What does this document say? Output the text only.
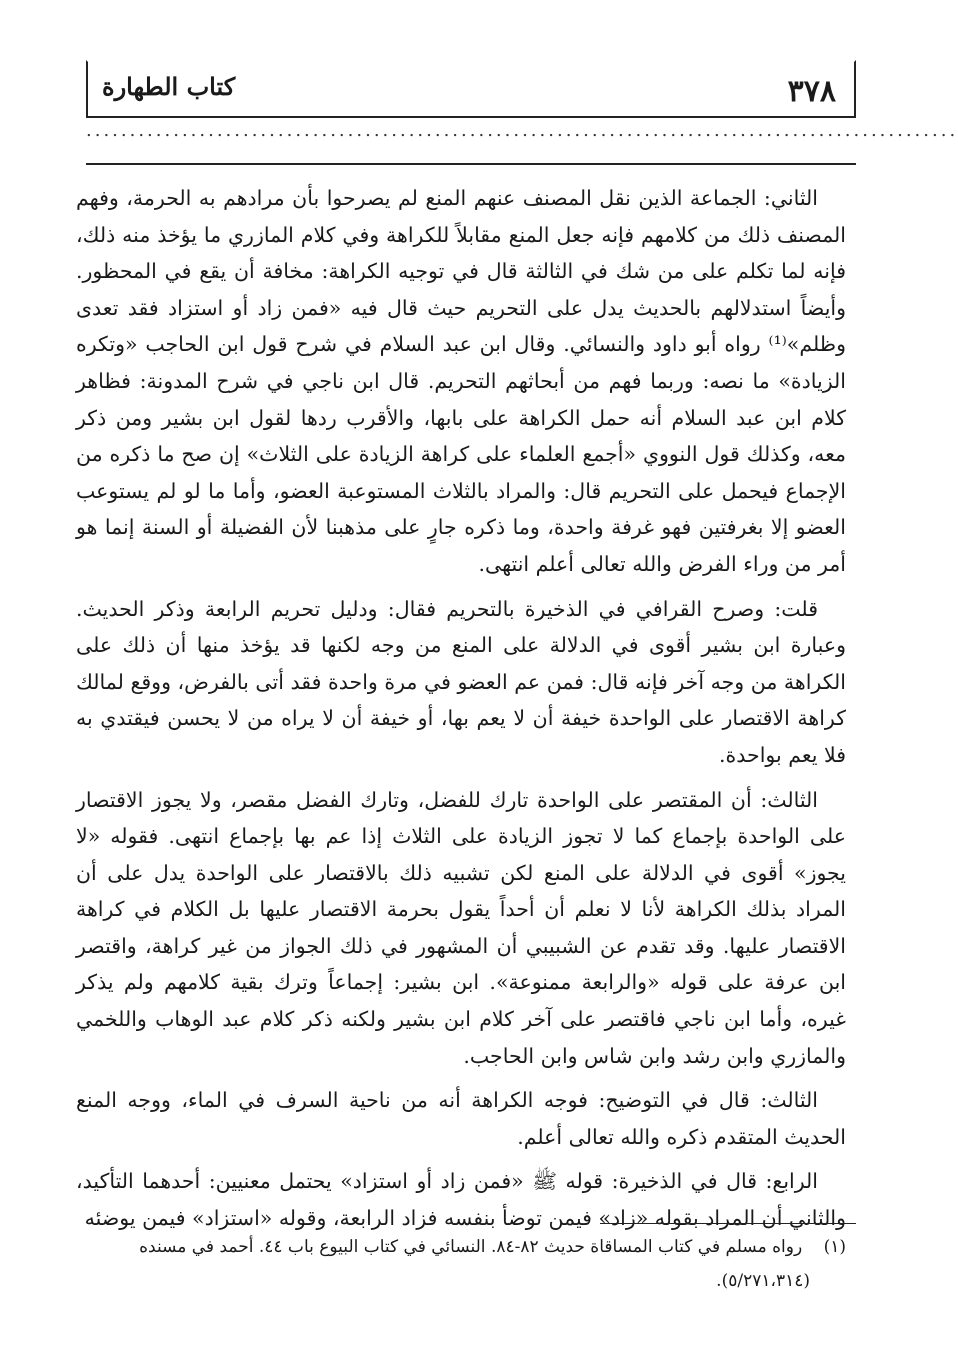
٣٧٨
كتاب الطهارة
....................................................................................................

الثاني: الجماعة الذين نقل المصنف عنهم المنع لم يصرحوا بأن مرادهم به الحرمة، وفهم المصنف ذلك من كلامهم فإنه جعل المنع مقابلاً للكراهة وفي كلام المازري ما يؤخذ منه ذلك، فإنه لما تكلم على من شك في الثالثة قال في توجيه الكراهة: مخافة أن يقع في المحظور. وأيضاً استدلالهم بالحديث يدل على التحريم حيث قال فيه «فمن زاد أو استزاد فقد تعدى وظلم»⁽¹⁾ رواه أبو داود والنسائي. وقال ابن عبد السلام في شرح قول ابن الحاجب «وتكره الزيادة» ما نصه: وربما فهم من أبحاثهم التحريم. قال ابن ناجي في شرح المدونة: فظاهر كلام ابن عبد السلام أنه حمل الكراهة على بابها، والأقرب ردها لقول ابن بشير ومن ذكر معه، وكذلك قول النووي «أجمع العلماء على كراهة الزيادة على الثلاث» إن صح ما ذكره من الإجماع فيحمل على التحريم قال: والمراد بالثلاث المستوعبة العضو، وأما ما لو لم يستوعب العضو إلا بغرفتين فهو غرفة واحدة، وما ذكره جارٍ على مذهبنا لأن الفضيلة أو السنة إنما هو أمر من وراء الفرض والله تعالى أعلم انتهى.

قلت: وصرح القرافي في الذخيرة بالتحريم فقال: ودليل تحريم الرابعة وذكر الحديث. وعبارة ابن بشير أقوى في الدلالة على المنع من وجه لكنها قد يؤخذ منها أن ذلك على الكراهة من وجه آخر فإنه قال: فمن عم العضو في مرة واحدة فقد أتى بالفرض، ووقع لمالك كراهة الاقتصار على الواحدة خيفة أن لا يعم بها، أو خيفة أن لا يراه من لا يحسن فيقتدي به فلا يعم بواحدة.

الثالث: أن المقتصر على الواحدة تارك للفضل، وتارك الفضل مقصر، ولا يجوز الاقتصار على الواحدة بإجماع كما لا تجوز الزيادة على الثلاث إذا عم بها بإجماع انتهى. فقوله «لا يجوز» أقوى في الدلالة على المنع لكن تشبيه ذلك بالاقتصار على الواحدة يدل على أن المراد بذلك الكراهة لأنا لا نعلم أن أحداً يقول بحرمة الاقتصار عليها بل الكلام في كراهة الاقتصار عليها. وقد تقدم عن الشبيبي أن المشهور في ذلك الجواز من غير كراهة، واقتصر ابن عرفة على قوله «والرابعة ممنوعة». ابن بشير: إجماعاً وترك بقية كلامهم ولم يذكر غيره، وأما ابن ناجي فاقتصر على آخر كلام ابن بشير ولكنه ذكر كلام عبد الوهاب واللخمي والمازري وابن رشد وابن شاس وابن الحاجب.

الثالث: قال في التوضيح: فوجه الكراهة أنه من ناحية السرف في الماء، ووجه المنع الحديث المتقدم ذكره والله تعالى أعلم.

الرابع: قال في الذخيرة: قوله ﷺ «فمن زاد أو استزاد» يحتمل معنيين: أحدهما التأكيد، والثاني أن المراد بقوله «زاد» فيمن توضأ بنفسه فزاد الرابعة، وقوله «استزاد» فيمن يوضئه

(١) رواه مسلم في كتاب المساقاة حديث ٨٢-٨٤. النسائي في كتاب البيوع باب ٤٤. أحمد في مسنده
(٥/٢٧١،٣١٤).
